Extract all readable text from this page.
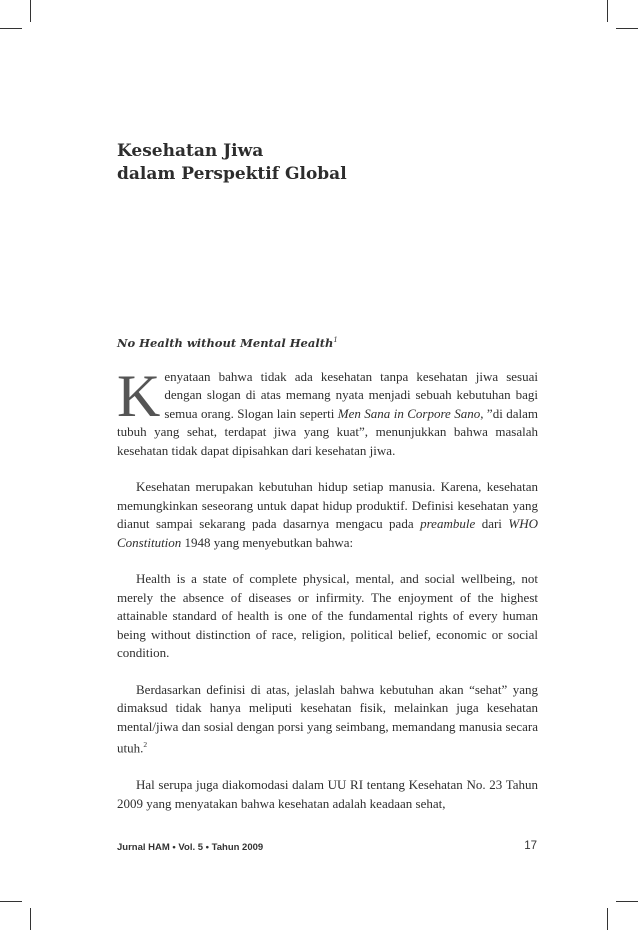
Kesehatan Jiwa
dalam Perspektif Global
No Health without Mental Health$^1$

Kenyataan bahwa tidak ada kesehatan tanpa kesehatan jiwa sesuai dengan slogan di atas memang nyata menjadi sebuah kebutuhan bagi semua orang. Slogan lain seperti Men Sana in Corpore Sano, ”di dalam tubuh yang sehat, terdapat jiwa yang kuat”, menunjukkan bahwa masalah kesehatan tidak dapat dipisahkan dari kesehatan jiwa.

Kesehatan merupakan kebutuhan hidup setiap manusia. Karena, kesehatan memungkinkan seseorang untuk dapat hidup produktif. Definisi kesehatan yang dianut sampai sekarang pada dasarnya mengacu pada preambule dari WHO Constitution 1948 yang menyebutkan bahwa:

Health is a state of complete physical, mental, and social wellbeing, not merely the absence of diseases or infirmity. The enjoyment of the highest attainable standard of health is one of the fundamental rights of every human being without distinction of race, religion, political belief, economic or social condition.

Berdasarkan definisi di atas, jelaslah bahwa kebutuhan akan “sehat” yang dimaksud tidak hanya meliputi kesehatan fisik, melainkan juga kesehatan mental/jiwa dan sosial dengan porsi yang seimbang, memandang manusia secara utuh.$^2$

Hal serupa juga diakomodasi dalam UU RI tentang Kesehatan No. 23 Tahun 2009 yang menyatakan bahwa kesehatan adalah keadaan sehat,

Jurnal HAM • Vol. 5 • Tahun 2009	17
